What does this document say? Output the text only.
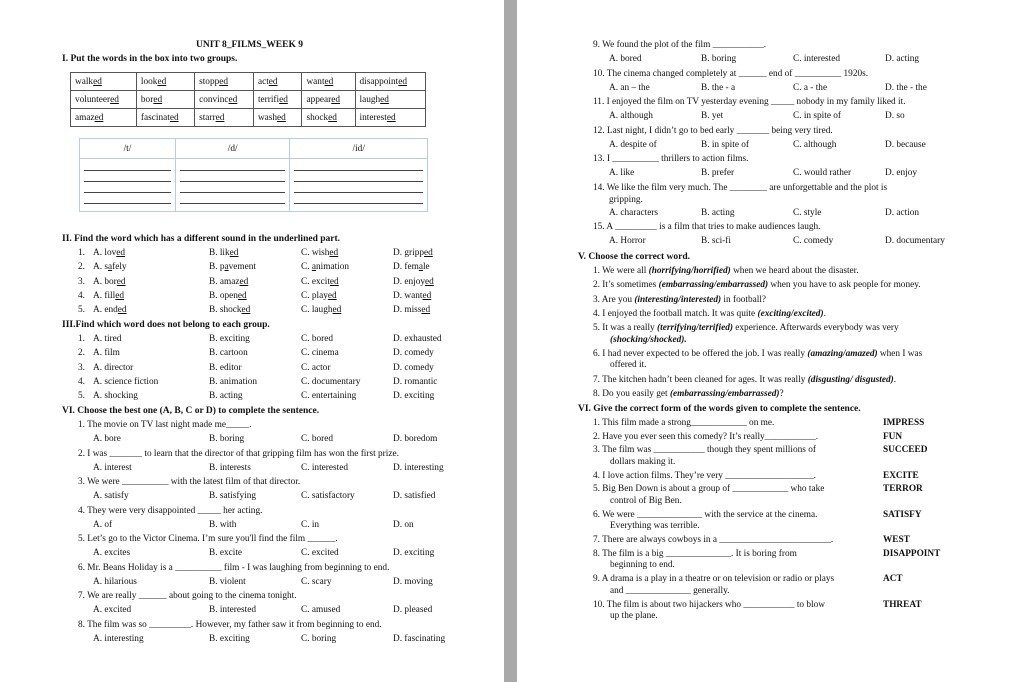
UNIT 8_FILMS_WEEK 9
I. Put the words in the box into two groups.
walked	looked	stopped	acted	wanted	disappointed
volunteered	bored	convinced	terrified	appeared	laughed
amazed	fascinated	starred	washed	shocked	interested
/t/	/d/	/id/

II. Find the word which has a different sound in the underlined part.
1. A. loved	B. liked	C. wished	D. gripped
2. A. safely	B. pavement	C. animation	D. female
3. A. bored	B. amazed	C. excited	D. enjoyed
4. A. filled	B. opened	C. played	D. wanted
5. A. ended	B. shocked	C. laughed	D. missed
III.Find which word does not belong to each group.
1. A. tired	B. exciting	C. bored	D. exhausted
2. A. film	B. cartoon	C. cinema	D. comedy
3. A. director	B. editor	C. actor	D. comedy
4. A. science fiction	B. animation	C. documentary	D. romantic
5. A. shocking	B. acting	C. entertaining	D. exciting
VI. Choose the best one (A, B, C or D) to complete the sentence.
1. The movie on TV last night made me_____.
A. bore	B. boring	C. bored	D. boredom
2. I was _______ to learn that the director of that gripping film has won the first prize.
A. interest	B. interests	C. interested	D. interesting
3. We were __________ with the latest film of that director.
A. satisfy	B. satisfying	C. satisfactory	D. satisfied
4. They were very disappointed _____ her acting.
A. of	B. with	C. in	D. on
5. Let’s go to the Victor Cinema. I’m sure you'll find the film ______.
A. excites	B. excite	C. excited	D. exciting
6. Mr. Beans Holiday is a __________ film - I was laughing from beginning to end.
A. hilarious	B. violent	C. scary	D. moving
7. We are really ______ about going to the cinema tonight.
A. excited	B. interested	C. amused	D. pleased
8. The film was so _________. However, my father saw it from beginning to end.
A. interesting	B. exciting	C. boring	D. fascinating
9. We found the plot of the film ___________.
A. bored	B. boring	C. interested	D. acting
10. The cinema changed completely at ______ end of __________ 1920s.
A. an – the	B. the - a	C. a - the	D. the - the
11. I enjoyed the film on TV yesterday evening _____ nobody in my family liked it.
A. although	B. yet	C. in spite of	D. so
12. Last night, I didn’t go to bed early _______ being very tired.
A. despite of	B. in spite of	C. although	D. because
13. I __________ thrillers to action films.
A. like	B. prefer	C. would rather	D. enjoy
14. We like the film very much. The ________ are unforgettable and the plot is
gripping.
A. characters	B. acting	C. style	D. action
15. A _________ is a film that tries to make audiences laugh.
A. Horror	B. sci-fi	C. comedy	D. documentary
V. Choose the correct word.
1. We were all (horrifying/horrified) when we heard about the disaster.
2. It’s sometimes (embarrassing/embarrassed) when you have to ask people for money.
3. Are you (interesting/interested) in football?
4. I enjoyed the football match. It was quite (exciting/excited).
5. It was a really (terrifying/terrified) experience. Afterwards everybody was very
(shocking/shocked).
6. I had never expected to be offered the job. I was really (amazing/amazed) when I was
offered it.
7. The kitchen hadn’t been cleaned for ages. It was really (disgusting/ disgusted).
8. Do you easily get (embarrassing/embarrassed)?
VI. Give the correct form of the words given to complete the sentence.
1. This film made a strong____________ on me.	IMPRESS
2. Have you ever seen this comedy? It’s really___________.	FUN
3. The film was ___________ though they spent millions of	SUCCEED
dollars making it.
4. I love action films. They’re very ___________________.	EXCITE
5. Big Ben Down is about a group of ____________ who take	TERROR
control of Big Ben.
6. We were ______________ with the service at the cinema.	SATISFY
Everything was terrible.
7. There are always cowboys in a ________________________.	WEST
8. The film is a big ______________. It is boring from	DISAPPOINT
beginning to end.
9. A drama is a play in a theatre or on television or radio or plays	ACT
and ______________ generally.
10. The film is about two hijackers who ___________ to blow	THREAT
up the plane.
